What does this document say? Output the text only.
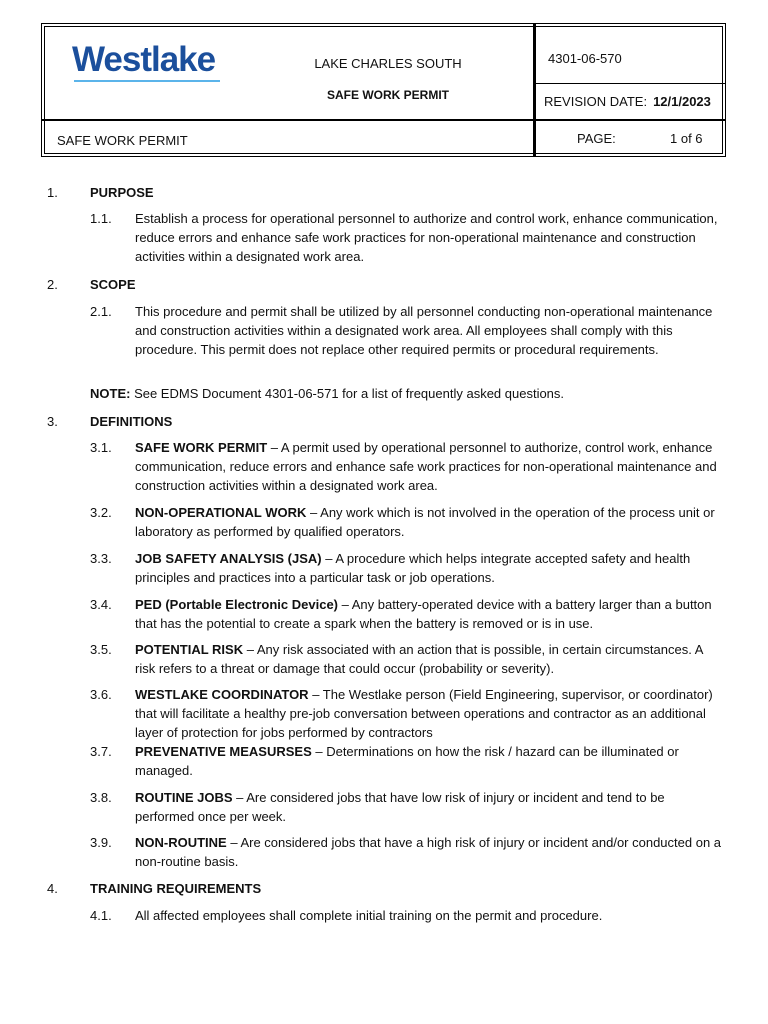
Westlake	LAKE CHARLES SOUTH
SAFE WORK PERMIT
4301-06-570
REVISION DATE: 12/1/2023
SAFE WORK PERMIT	PAGE:	1 of 6
1.	PURPOSE
1.1. Establish a process for operational personnel to authorize and control work, enhance communication, reduce errors and enhance safe work practices for non-operational maintenance and construction activities within a designated work area.
2.	SCOPE
2.1. This procedure and permit shall be utilized by all personnel conducting non-operational maintenance and construction activities within a designated work area. All employees shall comply with this procedure. This permit does not replace other required permits or procedural requirements.
NOTE: See EDMS Document 4301-06-571 for a list of frequently asked questions.
3.	DEFINITIONS
3.1. SAFE WORK PERMIT – A permit used by operational personnel to authorize, control work, enhance communication, reduce errors and enhance safe work practices for non-operational maintenance and construction activities within a designated work area.
3.2. NON-OPERATIONAL WORK – Any work which is not involved in the operation of the process unit or laboratory as performed by qualified operators.
3.3. JOB SAFETY ANALYSIS (JSA) – A procedure which helps integrate accepted safety and health principles and practices into a particular task or job operations.
3.4. PED (Portable Electronic Device) – Any battery-operated device with a battery larger than a button that has the potential to create a spark when the battery is removed or is in use.
3.5. POTENTIAL RISK – Any risk associated with an action that is possible, in certain circumstances. A risk refers to a threat or damage that could occur (probability or severity).
3.6. WESTLAKE COORDINATOR – The Westlake person (Field Engineering, supervisor, or coordinator) that will facilitate a healthy pre-job conversation between operations and contractor as an additional layer of protection for jobs performed by contractors
3.7. PREVENATIVE MEASURSES – Determinations on how the risk / hazard can be illuminated or managed.
3.8. ROUTINE JOBS – Are considered jobs that have low risk of injury or incident and tend to be performed once per week.
3.9. NON-ROUTINE – Are considered jobs that have a high risk of injury or incident and/or conducted on a non-routine basis.
4.	TRAINING REQUIREMENTS
4.1. All affected employees shall complete initial training on the permit and procedure.
